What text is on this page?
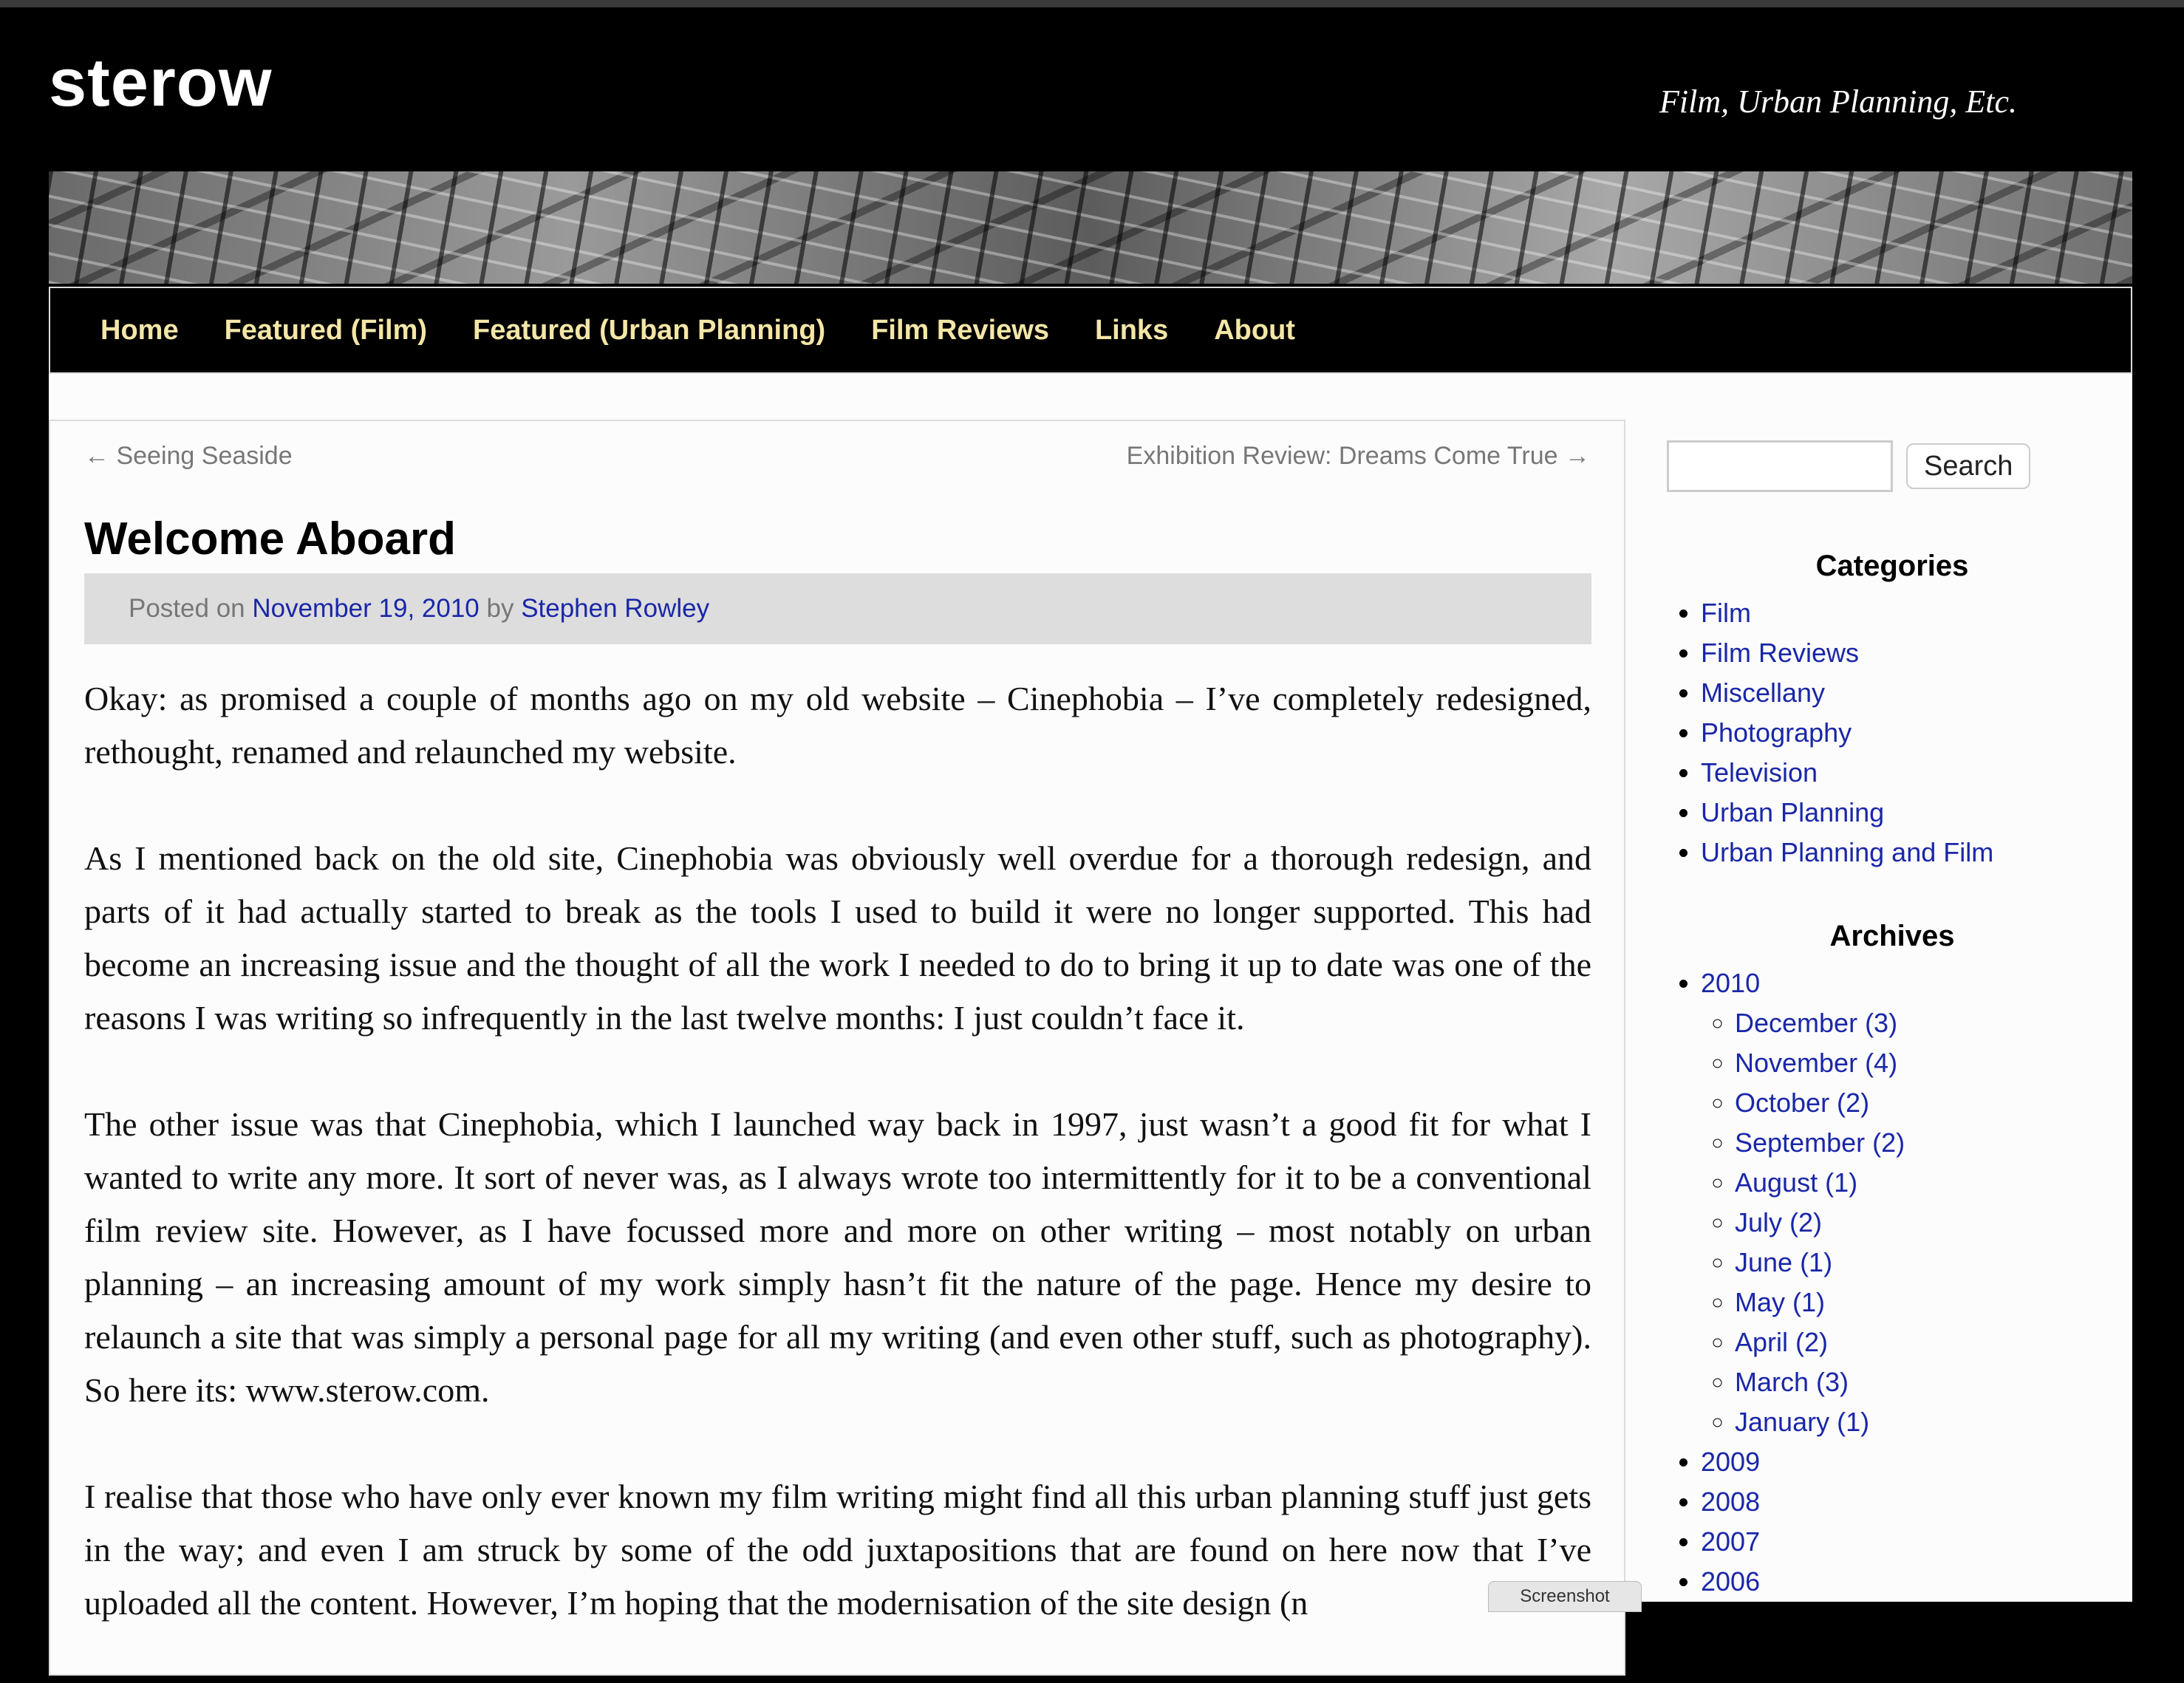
sterow	Film, Urban Planning, Etc.
Home Featured (Film) Featured (Urban Planning) Film Reviews Links About
← Seeing Seaside	Exhibition Review: Dreams Come True →
Welcome Aboard
Posted on November 19, 2010 by Stephen Rowley

Okay: as promised a couple of months ago on my old website – Cinephobia – I’ve completely redesigned, rethought, renamed and relaunched my website.

As I mentioned back on the old site, Cinephobia was obviously well overdue for a thorough redesign, and parts of it had actually started to break as the tools I used to build it were no longer supported. This had become an increasing issue and the thought of all the work I needed to do to bring it up to date was one of the reasons I was writing so infrequently in the last twelve months: I just couldn’t face it.

The other issue was that Cinephobia, which I launched way back in 1997, just wasn’t a good fit for what I wanted to write any more. It sort of never was, as I always wrote too intermittently for it to be a conventional film review site. However, as I have focussed more and more on other writing – most notably on urban planning – an increasing amount of my work simply hasn’t fit the nature of the page. Hence my desire to relaunch a site that was simply a personal page for all my writing (and even other stuff, such as photography). So here its: www.sterow.com.

I realise that those who have only ever known my film writing might find all this urban planning stuff just gets in the way; and even I am struck by some of the odd juxtapositions that are found on here now that I’ve uploaded all the content. However, I’m hoping that the modernisation of the site design (n

Search
Categories
• Film
• Film Reviews
• Miscellany
• Photography
• Television
• Urban Planning
• Urban Planning and Film
Archives
• 2010
◦ December (3)
◦ November (4)
◦ October (2)
◦ September (2)
◦ August (1)
◦ July (2)
◦ June (1)
◦ May (1)
◦ April (2)
◦ March (3)
◦ January (1)
• 2009
• 2008
• 2007
• 2006
Screenshot
